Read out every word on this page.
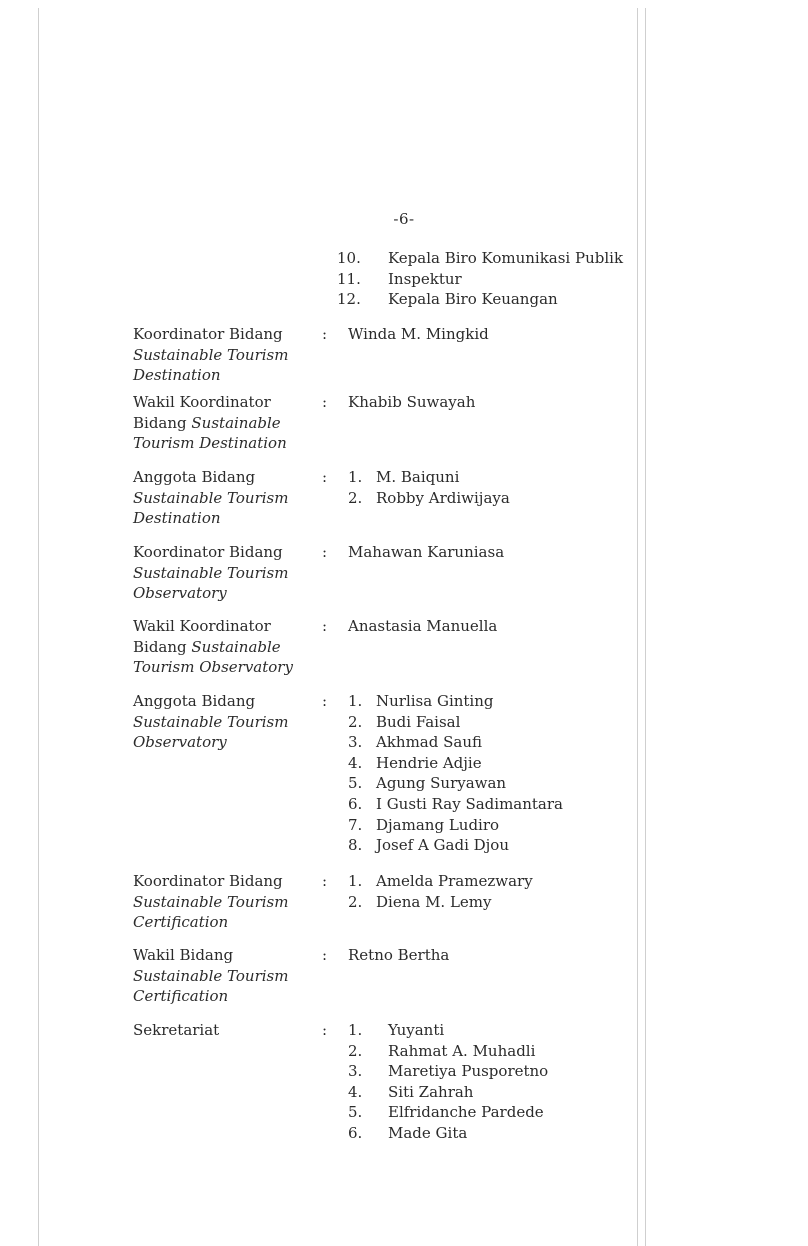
-6-
10. Kepala Biro Komunikasi Publik
11. Inspektur
12. Kepala Biro Keuangan
Koordinator Bidang
Sustainable Tourism
Destination
: Winda M. Mingkid
Wakil Koordinator
Bidang Sustainable
Tourism Destination
: Khabib Suwayah
Anggota Bidang
Sustainable Tourism
Destination
: 1. M. Baiquni
2. Robby Ardiwijaya
Koordinator Bidang
Sustainable Tourism
Observatory
: Mahawan Karuniasa
Wakil Koordinator
Bidang Sustainable
Tourism Observatory
: Anastasia Manuella
Anggota Bidang
Sustainable Tourism
Observatory
: 1. Nurlisa Ginting
2. Budi Faisal
3. Akhmad Saufi
4. Hendrie Adjie
5. Agung Suryawan
6. I Gusti Ray Sadimantara
7. Djamang Ludiro
8. Josef A Gadi Djou
Koordinator Bidang
Sustainable Tourism
Certification
: 1. Amelda Pramezwary
2. Diena M. Lemy
Wakil Bidang
Sustainable Tourism
Certification
: Retno Bertha
Sekretariat	: 1. Yuyanti
2. Rahmat A. Muhadli
3. Maretiya Pusporetno
4. Siti Zahrah
5. Elfridanche Pardede
6. Made Gita
